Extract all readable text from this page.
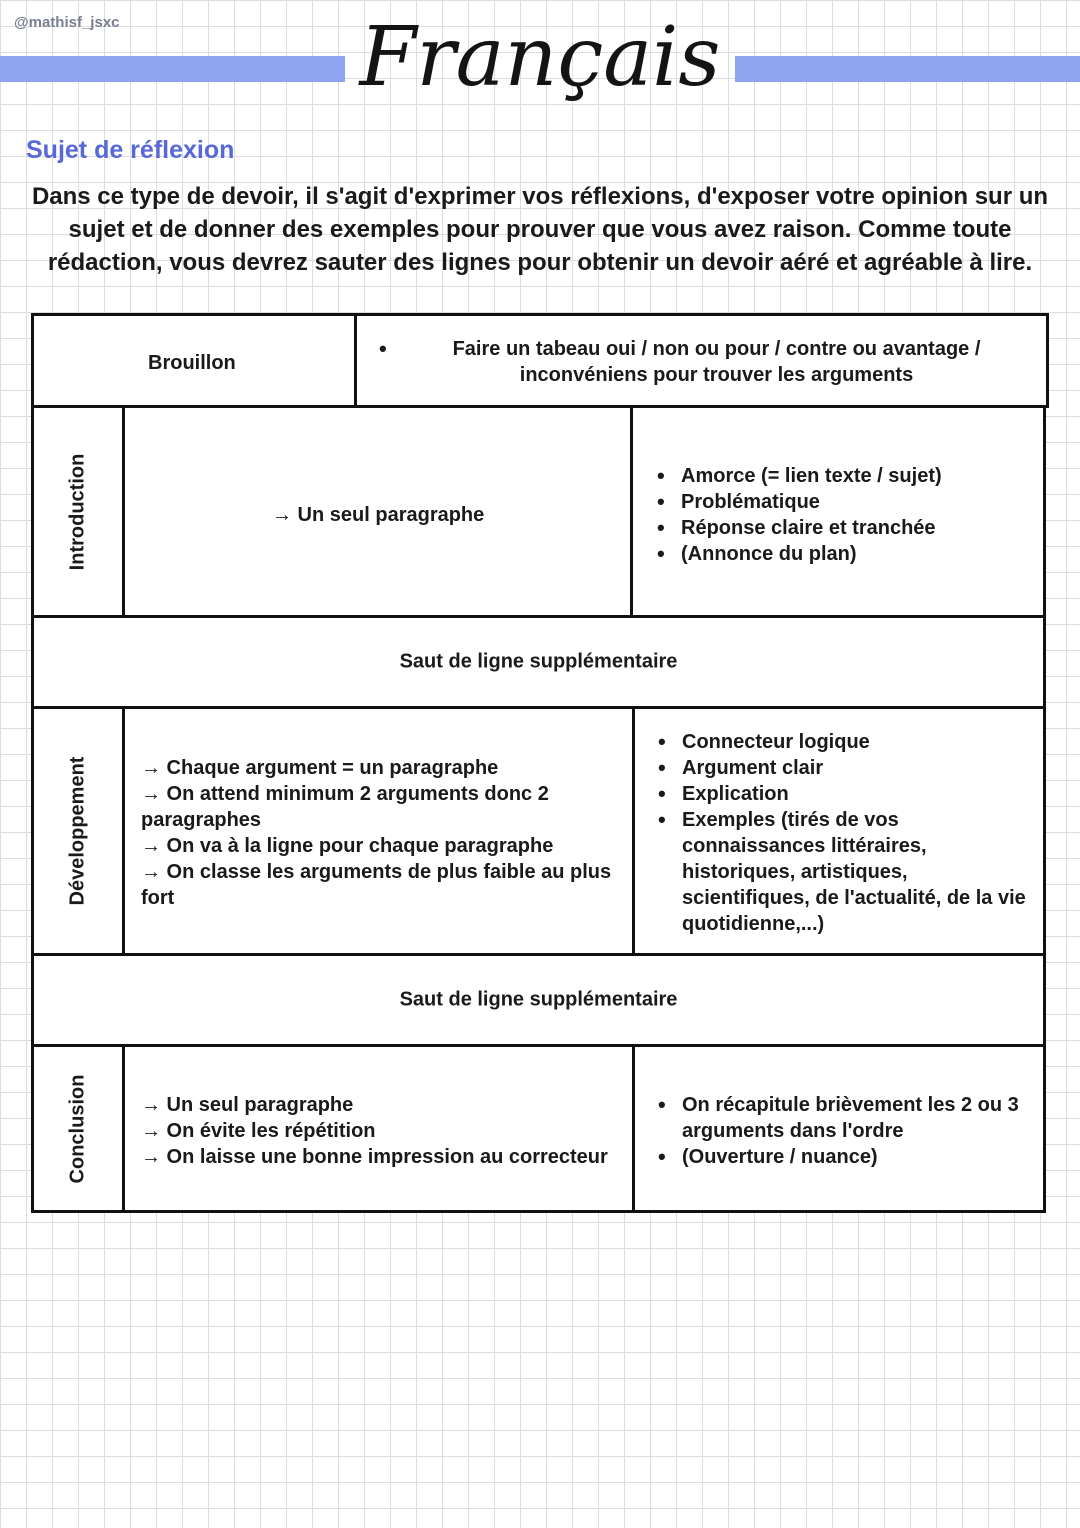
@mathisf_jsxc	Français
Sujet de réflexion
Dans ce type de devoir, il s'agit d'exprimer vos réflexions, d'exposer votre opinion sur un sujet et de donner des exemples pour prouver que vous avez raison. Comme toute rédaction, vous devrez sauter des lignes pour obtenir un devoir aéré et agréable à lire.
Brouillon
•	Faire un tabeau oui / non ou pour / contre ou avantage /
inconvéniens pour trouver les arguments
Introduction	→ Un seul paragraphe
• Amorce (= lien texte / sujet)
• Problématique
• Réponse claire et tranchée
• (Annonce du plan)
Saut de ligne supplémentaire
Développement	→ Chaque argument = un paragraphe
→ On attend minimum 2 arguments donc 2 paragraphes
→ On va à la ligne pour chaque paragraphe
→ On classe les arguments de plus faible au plus fort
• Connecteur logique
• Argument clair
• Explication
• Exemples (tirés de vos connaissances littéraires, historiques, artistiques, scientifiques, de l'actualité, de la vie quotidienne,...)
Saut de ligne supplémentaire
Conclusion	→ Un seul paragraphe
→ On évite les répétition
→ On laisse une bonne impression au correcteur
• On récapitule brièvement les 2 ou 3 arguments dans l'ordre
• (Ouverture / nuance)
